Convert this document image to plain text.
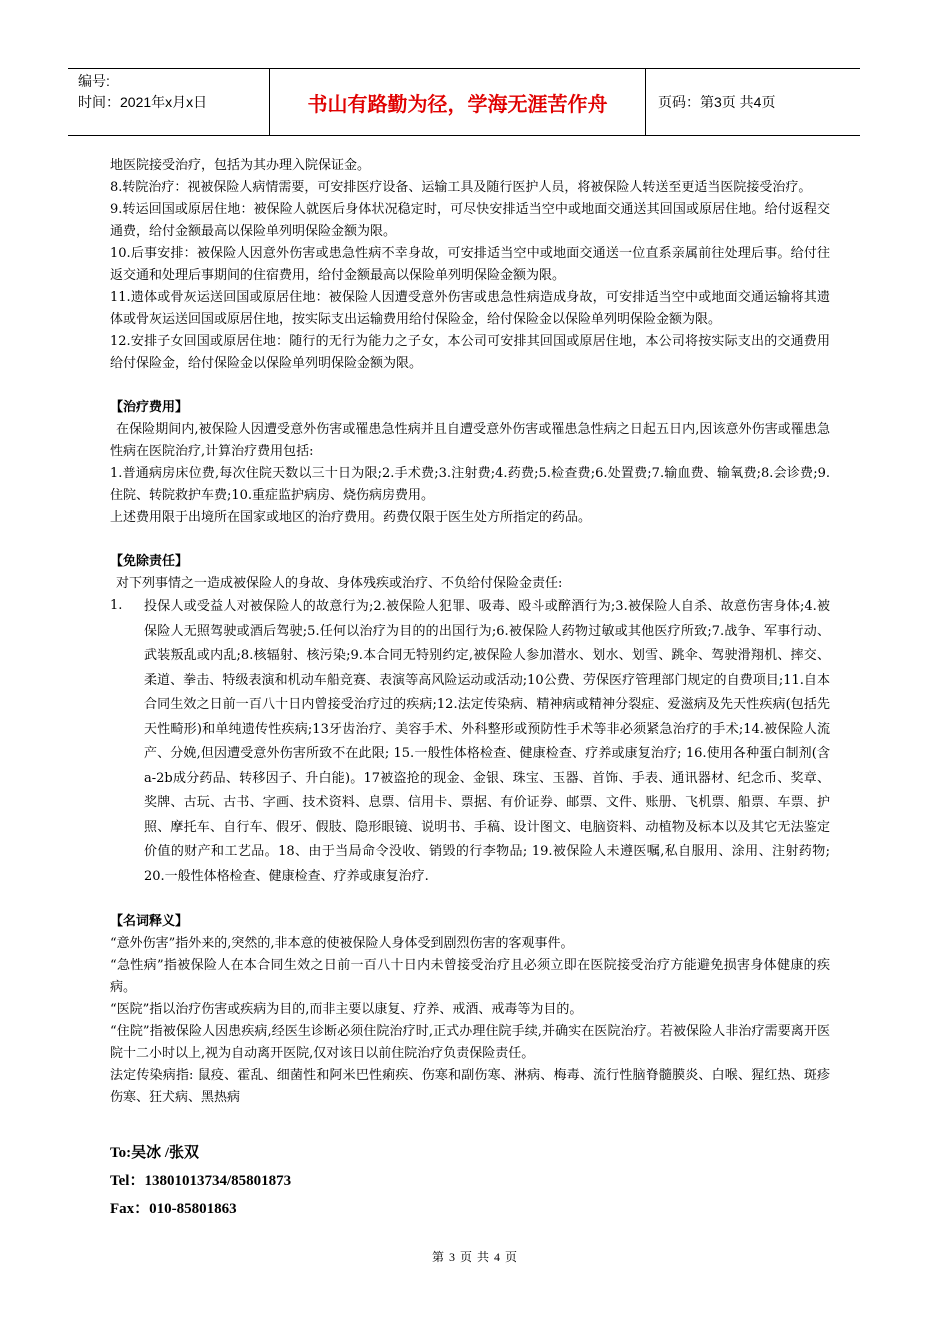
编号:
时间：2021年x月x日	书山有路勤为径，学海无涯苦作舟	页码：第3页 共4页

地医院接受治疗，包括为其办理入院保证金。

8.转院治疗：视被保险人病情需要，可安排医疗设备、运输工具及随行医护人员，将被保险人转送至更适当医院接受治疗。

9.转运回国或原居住地：被保险人就医后身体状况稳定时，可尽快安排适当空中或地面交通送其回国或原居住地。给付返程交通费，给付金额最高以保险单列明保险金额为限。

10.后事安排：被保险人因意外伤害或患急性病不幸身故，可安排适当空中或地面交通送一位直系亲属前往处理后事。给付往返交通和处理后事期间的住宿费用，给付金额最高以保险单列明保险金额为限。

11.遗体或骨灰运送回国或原居住地：被保险人因遭受意外伤害或患急性病造成身故，可安排适当空中或地面交通运输将其遗体或骨灰运送回国或原居住地，按实际支出运输费用给付保险金，给付保险金以保险单列明保险金额为限。

12.安排子女回国或原居住地：随行的无行为能力之子女，本公司可安排其回国或原居住地，本公司将按实际支出的交通费用给付保险金，给付保险金以保险单列明保险金额为限。

【治疗费用】

在保险期间内,被保险人因遭受意外伤害或罹患急性病并且自遭受意外伤害或罹患急性病之日起五日内,因该意外伤害或罹患急性病在医院治疗,计算治疗费用包括:

1.普通病房床位费,每次住院天数以三十日为限;2.手术费;3.注射费;4.药费;5.检查费;6.处置费;7.输血费、输氧费;8.会诊费;9.住院、转院救护车费;10.重症监护病房、烧伤病房费用。

上述费用限于出境所在国家或地区的治疗费用。药费仅限于医生处方所指定的药品。

【免除责任】

对下列事情之一造成被保险人的身故、身体残疾或治疗、不负给付保险金责任:

1.	投保人或受益人对被保险人的故意行为;2.被保险人犯罪、吸毒、殴斗或醉酒行为;3.被保险人自杀、故意伤害身体;4.被保险人无照驾驶或酒后驾驶;5.任何以治疗为目的的出国行为;6.被保险人药物过敏或其他医疗所致;7.战争、军事行动、武装叛乱或内乱;8.核辐射、核污染;9.本合同无特别约定,被保险人参加潜水、划水、划雪、跳伞、驾驶滑翔机、摔交、柔道、拳击、特级表演和机动车船竞赛、表演等高风险运动或活动;10公费、劳保医疗管理部门规定的自费项目;11.自本合同生效之日前一百八十日内曾接受治疗过的疾病;12.法定传染病、精神病或精神分裂症、爱滋病及先天性疾病(包括先天性畸形)和单纯遗传性疾病;13牙齿治疗、美容手术、外科整形或预防性手术等非必须紧急治疗的手术;14.被保险人流产、分娩,但因遭受意外伤害所致不在此限; 15.一般性体格检查、健康检查、疗养或康复治疗; 16.使用各种蛋白制剂(含a-2b成分药品、转移因子、升白能)。17被盗抢的现金、金银、珠宝、玉器、首饰、手表、通讯器材、纪念币、奖章、奖牌、古玩、古书、字画、技术资料、息票、信用卡、票据、有价证券、邮票、文件、账册、飞机票、船票、车票、护照、摩托车、自行车、假牙、假肢、隐形眼镜、说明书、手稿、设计图文、电脑资料、动植物及标本以及其它无法鉴定价值的财产和工艺品。18、由于当局命令没收、销毁的行李物品; 19.被保险人未遵医嘱,私自服用、涂用、注射药物; 20.一般性体格检查、健康检查、疗养或康复治疗.

【名词释义】

“意外伤害”指外来的,突然的,非本意的使被保险人身体受到剧烈伤害的客观事件。

“急性病”指被保险人在本合同生效之日前一百八十日内未曾接受治疗且必须立即在医院接受治疗方能避免损害身体健康的疾病。

“医院”指以治疗伤害或疾病为目的,而非主要以康复、疗养、戒酒、戒毒等为目的。

“住院”指被保险人因患疾病,经医生诊断必须住院治疗时,正式办理住院手续,并确实在医院治疗。若被保险人非治疗需要离开医院十二小时以上,视为自动离开医院,仅对该日以前住院治疗负责保险责任。

法定传染病指: 鼠疫、霍乱、细菌性和阿米巴性痢疾、伤寒和副伤寒、淋病、梅毒、流行性脑脊髓膜炎、白喉、猩红热、斑疹伤寒、狂犬病、黑热病

To:吴冰 /张双
Tel：13801013734/85801873
Fax：010-85801863
第 3 页 共 4 页
